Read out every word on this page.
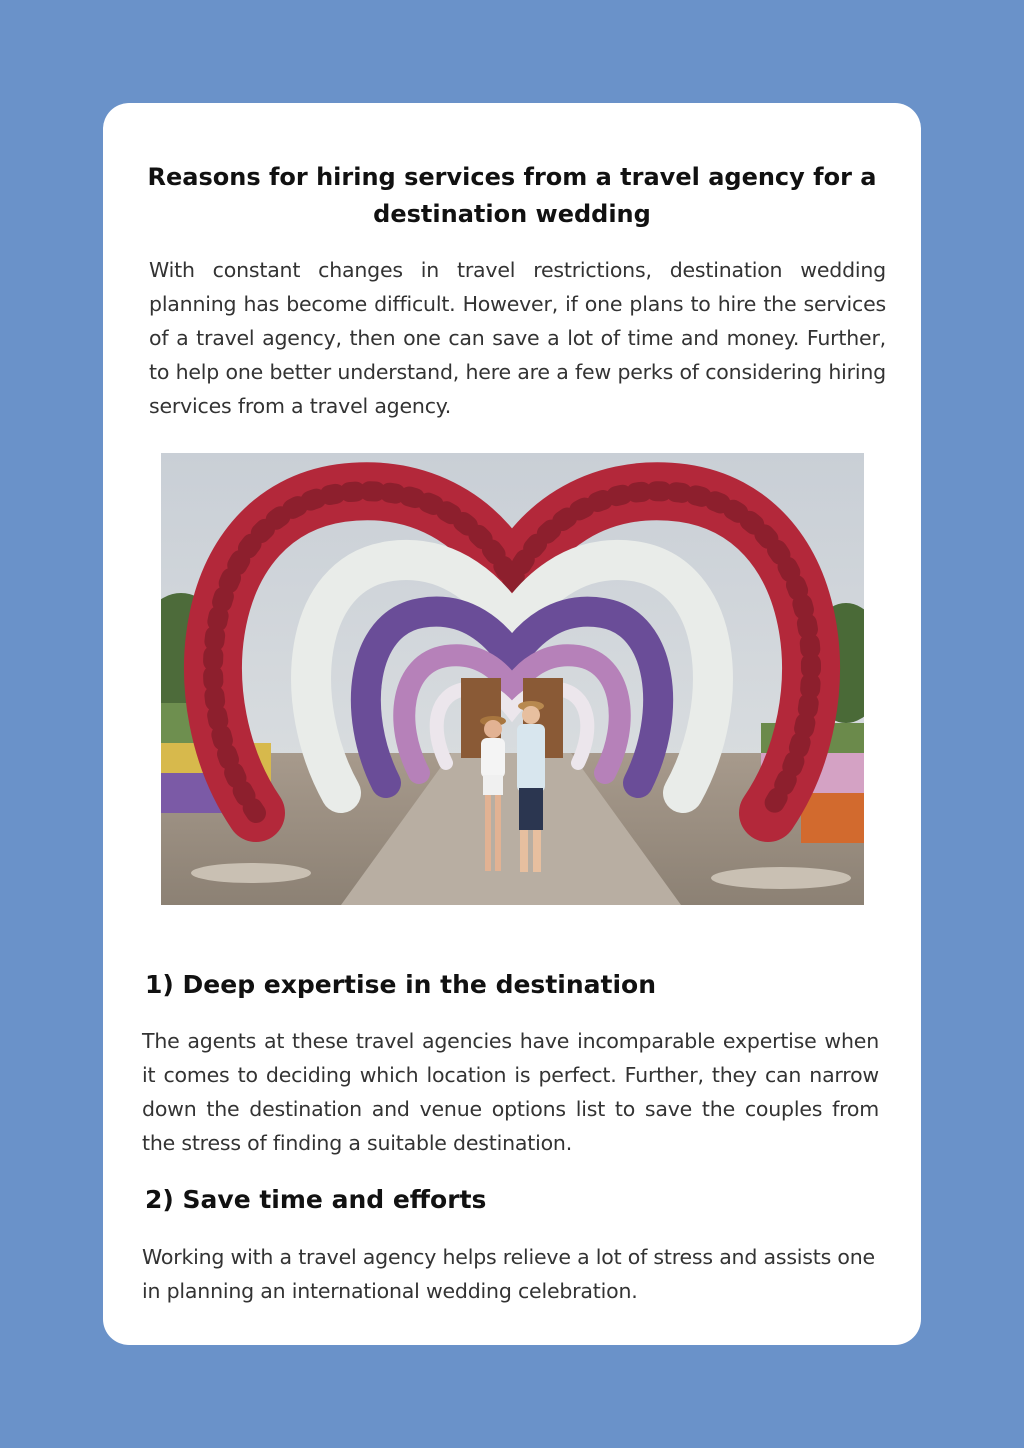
Reasons for hiring services from a travel agency for a destination wedding

With constant changes in travel restrictions, destination wedding planning has become difficult. However, if one plans to hire the services of a travel agency, then one can save a lot of time and money. Further, to help one better understand, here are a few perks of considering hiring services from a travel agency.

1) Deep expertise in the destination

The agents at these travel agencies have incomparable expertise when it comes to deciding which location is perfect. Further, they can narrow down the destination and venue options list to save the couples from the stress of finding a suitable destination.

2) Save time and efforts

Working with a travel agency helps relieve a lot of stress and assists one in planning an international wedding celebration.
